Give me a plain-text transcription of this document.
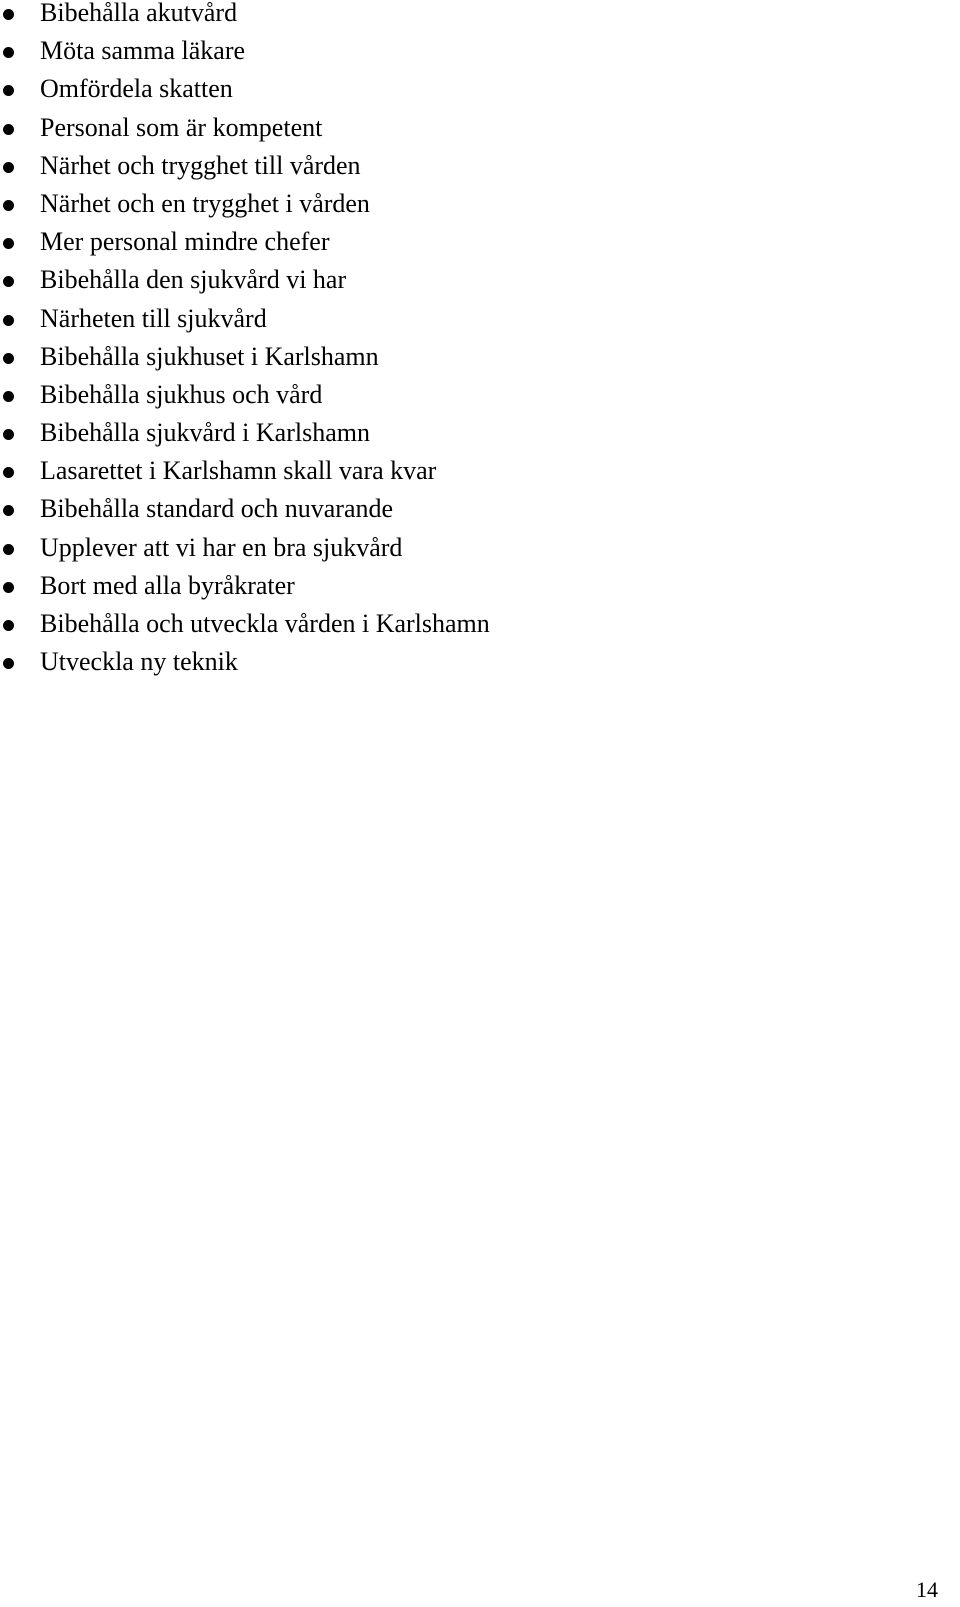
Bibehålla akutvård
Möta samma läkare
Omfördela skatten
Personal som är kompetent
Närhet och trygghet till vården
Närhet och en trygghet i vården
Mer personal mindre chefer
Bibehålla den sjukvård vi har
Närheten till sjukvård
Bibehålla sjukhuset i Karlshamn
Bibehålla sjukhus och vård
Bibehålla sjukvård i Karlshamn
Lasarettet i Karlshamn skall vara kvar
Bibehålla standard och nuvarande
Upplever att vi har en bra sjukvård
Bort med alla byråkrater
Bibehålla och utveckla vården i Karlshamn
Utveckla ny teknik
14
